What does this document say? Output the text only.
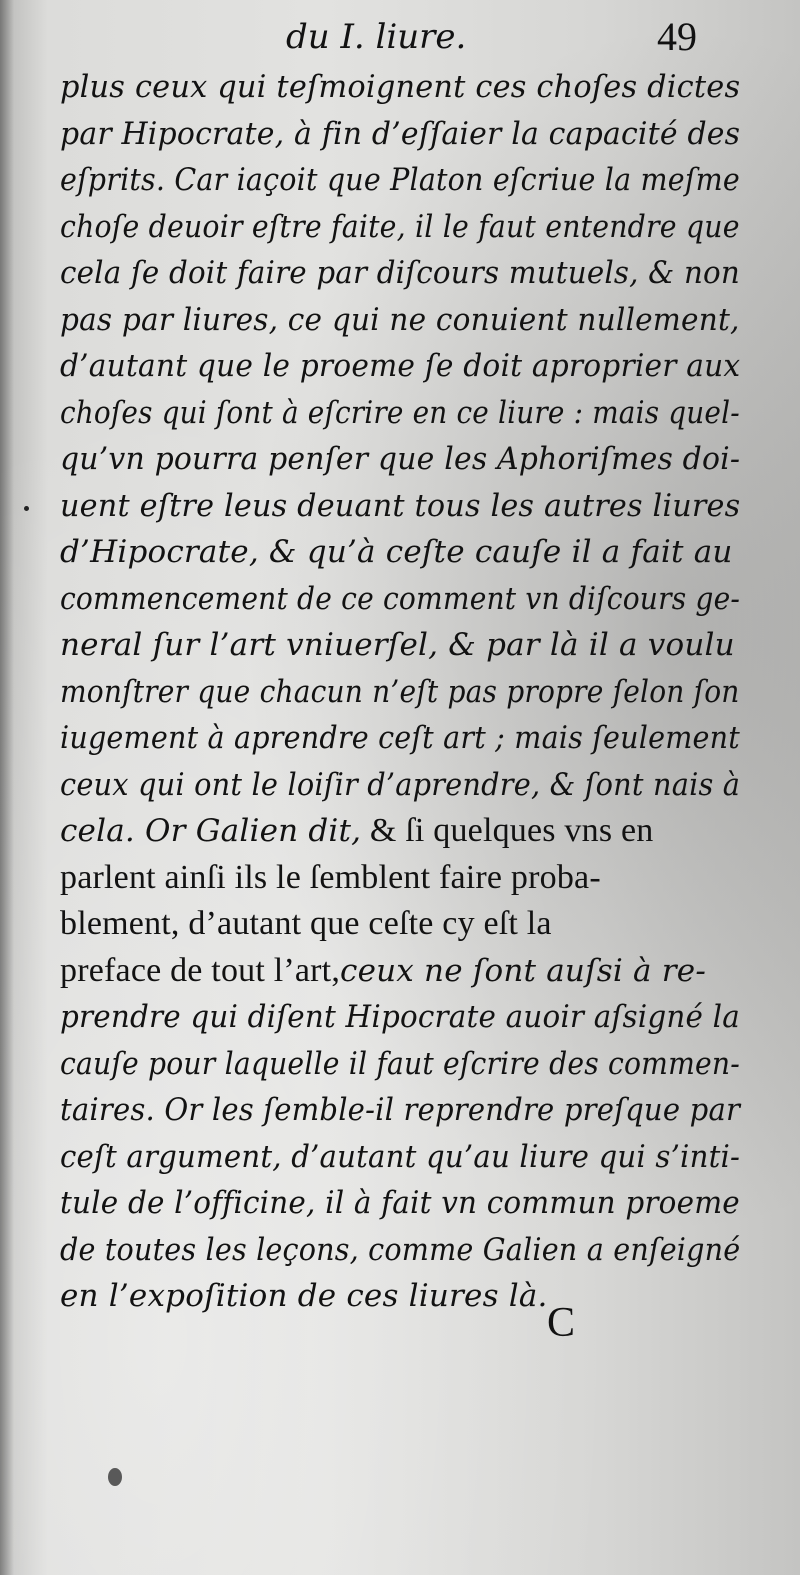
du I. liure.	49
plus ceux qui teſmoignent ces choſes dictes
par Hipocrate, à fin d’eſſaier la capacité des
eſprits. Car iaçoit que Platon eſcriue la meſme
choſe deuoir eſtre faite, il le faut entendre que
cela ſe doit faire par diſcours mutuels, & non
pas par liures, ce qui ne conuient nullement,
d’autant que le proeme ſe doit aproprier aux
choſes qui ſont à eſcrire en ce liure : mais quel-
qu’vn pourra penſer que les Aphoriſmes doi-
uent eſtre leus deuant tous les autres liures
d’Hipocrate, & qu’à ceſte cauſe il a fait au
commencement de ce comment vn diſcours ge-
neral ſur l’art vniuerſel, & par là il a voulu
monſtrer que chacun n’eſt pas propre ſelon ſon
iugement à aprendre ceſt art ; mais ſeulement
ceux qui ont le loiſir d’aprendre, & ſont nais à
cela. Or Galien dit, & ſi quelques vns en
parlent ainſi ils le ſemblent faire proba-
blement, d’autant que ceſte cy eſt la
preface de tout l’art,ceux ne ſont auſsi à re-
prendre qui diſent Hipocrate auoir aſsigné la
cauſe pour laquelle il faut eſcrire des commen-
taires. Or les ſemble-il reprendre preſque par
ceſt argument, d’autant qu’au liure qui s’inti-
tule de l’officine, il à fait vn commun proeme
de toutes les leçons, comme Galien a enſeigné
en l’expoſition de ces liures là.
C
